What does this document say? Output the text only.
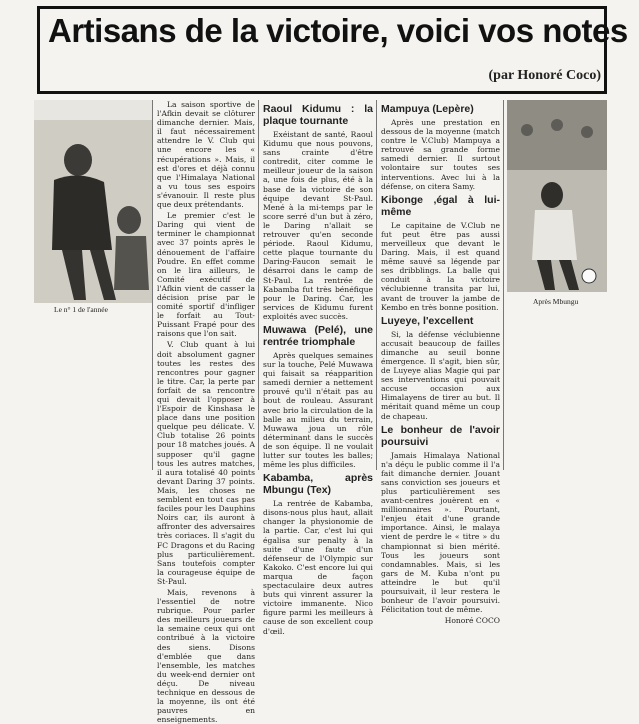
Artisans de la victoire, voici vos notes
(par Honoré Coco)
Le n° 1 de l'année

La saison sportive de l'Afkin devait se clôturer dimanche dernier. Mais, il faut nécessairement attendre le V. Club qui une encore les « récupérations ». Mais, il est d'ores et déjà connu que l'Himalaya National a vu tous ses espoirs s'évanouir. Il reste plus que deux prétendants.

Le premier c'est le Daring qui vient de terminer le championnat avec 37 points après le dénouement de l'affaire Poudre. En effet comme on le lira ailleurs, le Comité exécutif de l'Afkin vient de casser la décision prise par le comité sportif d'infliger le forfait au Tout-Puissant Frapé pour des raisons que l'on sait.

V. Club quant à lui doit absolument gagner toutes les restes des rencontres pour gagner le titre. Car, la perte par forfait de sa rencontre qui devait l'opposer à l'Espoir de Kinshasa le place dans une position quelque peu délicate. V. Club totalise 26 points pour 18 matches joués. A supposer qu'il gagne tous les autres matches, il aura totalisé 40 points devant Daring 37 points. Mais, les choses ne semblent en tout cas pas faciles pour les Dauphins Noirs car, ils auront à affronter des adversaires très coriaces. Il s'agit du FC Dragons et du Racing plus particulièrement. Sans toutefois compter la courageuse équipe de St-Paul.

Mais, revenons à l'essentiel de notre rubrique. Pour parler des meilleurs joueurs de la semaine ceux qui ont contribué à la victoire des siens. Disons d'emblée que dans l'ensemble, les matches du week-end dernier ont déçu. De niveau technique en dessous de la moyenne, ils ont été pauvres en enseignements.

Raoul Kidumu : la plaque tournante

Exéistant de santé, Raoul Kidumu que nous pouvons, sans crainte d'être contredit, citer comme le meilleur joueur de la saison a, une fois de plus, été à la base de la victoire de son équipe devant St-Paul. Mené à la mi-temps par le score serré d'un but à zéro, le Daring n'allait se retrouver qu'en seconde période. Raoul Kidumu, cette plaque tournante du Daring-Faucon semait le désarroi dans le camp de St-Paul. La rentrée de Kabamba fut très bénéfique pour le Daring. Car, les services de Kidumu furent exploités avec succès.

Muwawa (Pelé), une rentrée triomphale

Après quelques semaines sur la touche, Pelé Muwawa qui faisait sa réapparition samedi dernier a nettement prouvé qu'il n'était pas au bout de rouleau. Assurant avec brio la circulation de la balle au milieu du terrain, Muwawa joua un rôle déterminant dans le succès de son équipe. Il ne voulait lutter sur toutes les balles; même les plus difficiles.

Kabamba, après Mbungu (Tex)

La rentrée de Kabamba, disons-nous plus haut, allait changer la physionomie de la partie. Car, c'est lui qui égalisa sur penalty à la suite d'une faute d'un défenseur de l'Olympic sur Kakoko. C'est encore lui qui marqua de façon spectaculaire deux autres buts qui vinrent assurer la victoire immanente. Nico figure parmi les meilleurs à cause de son excellent coup d'œil.

Mampuya (Lepère)

Après une prestation en dessous de la moyenne (match contre le V.Club) Mampuya a retrouvé sa grande forme samedi dernier. Il surtout volontaire sur toutes ses interventions. Avec lui à la défense, on citera Samy.

Kibonge ,égal à lui-même

Le capitaine de V.Club ne fut peut être pas aussi merveilleux que devant le Daring. Mais, il est quand même sauvé sa légende par ses dribblings. La balle qui conduit à la victoire véclubienne transita par lui, avant de trouver la jambe de Kembo en très bonne position.

Luyeye, l'excellent

Si, la défense véclubienne accusait beaucoup de failles dimanche au seuil bonne émergence. Il s'agit, bien sûr, de Luyeye alias Magie qui par ses interventions qui pouvait accuse occasion aux Himalayens de tirer au but. Il méritait quand même un coup de chapeau.

Le bonheur de l'avoir poursuivi

Jamais Himalaya National n'a déçu le public comme il l'a fait dimanche dernier. Jouant sans conviction ses joueurs et plus particulièrement ses avant-centres jouèrent en « millionnaires ». Pourtant, l'enjeu était d'une grande importance. Ainsi, le malaya vient de perdre le « titre » du championnat si bien mérité. Tous les joueurs sont condamnables. Mais, si les gars de M. Kuba n'ont pu atteindre le but qu'il poursuivait, il leur restera le bonheur de l'avoir poursuivi. Félicitation tout de même.

Honoré COCO

Après Mbungu
